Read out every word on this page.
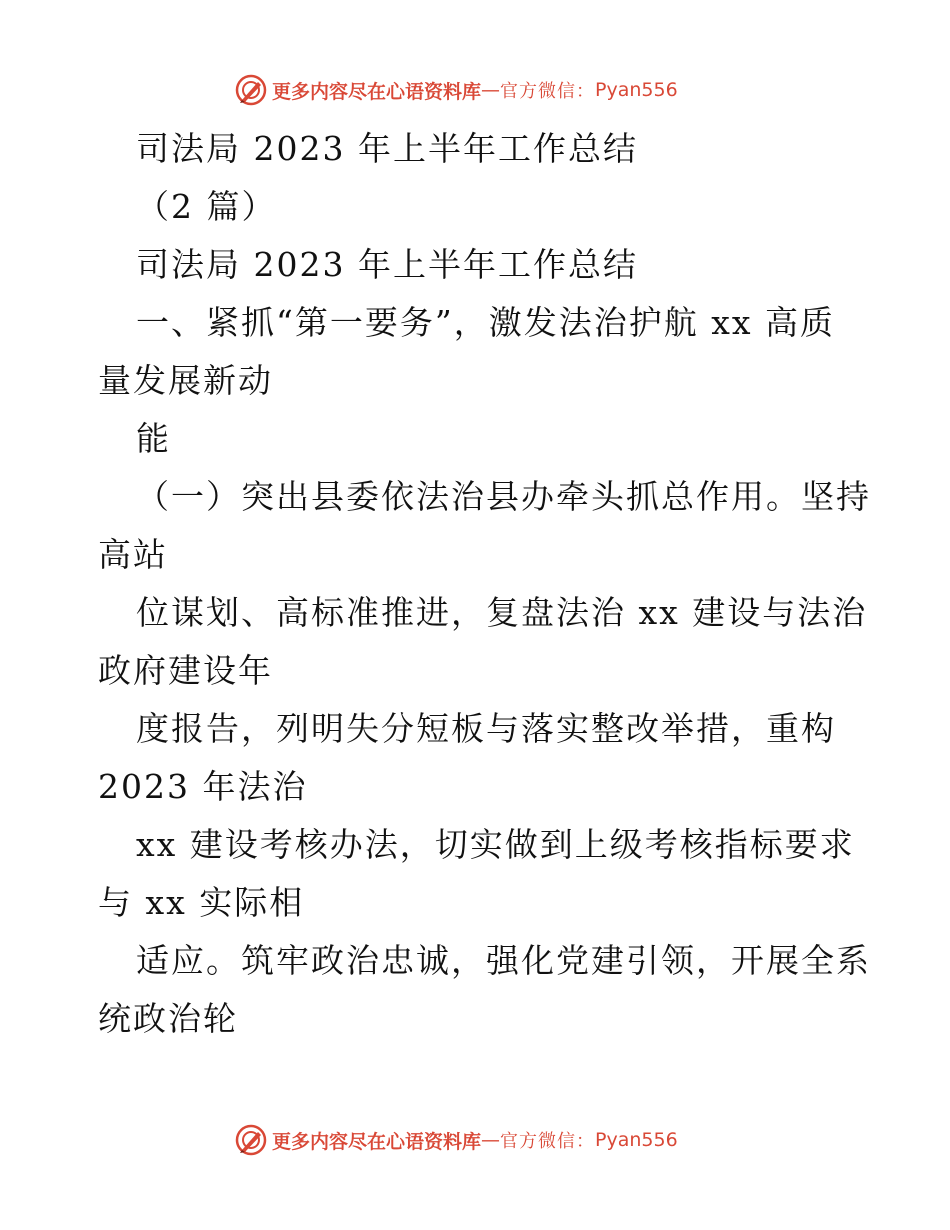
更多内容尽在心语资料库 — 官方微信： Pyan556
司法局 2023 年上半年工作总结
（2 篇）
司法局 2023 年上半年工作总结
一、紧抓“第一要务”，激发法治护航 xx 高质
量发展新动
能
（一）突出县委依法治县办牵头抓总作用。坚持
高站
位谋划、高标准推进，复盘法治 xx 建设与法治
政府建设年
度报告，列明失分短板与落实整改举措，重构
2023 年法治
xx 建设考核办法，切实做到上级考核指标要求
与 xx 实际相
适应。筑牢政治忠诚，强化党建引领，开展全系
统政治轮
更多内容尽在心语资料库 — 官方微信： Pyan556
